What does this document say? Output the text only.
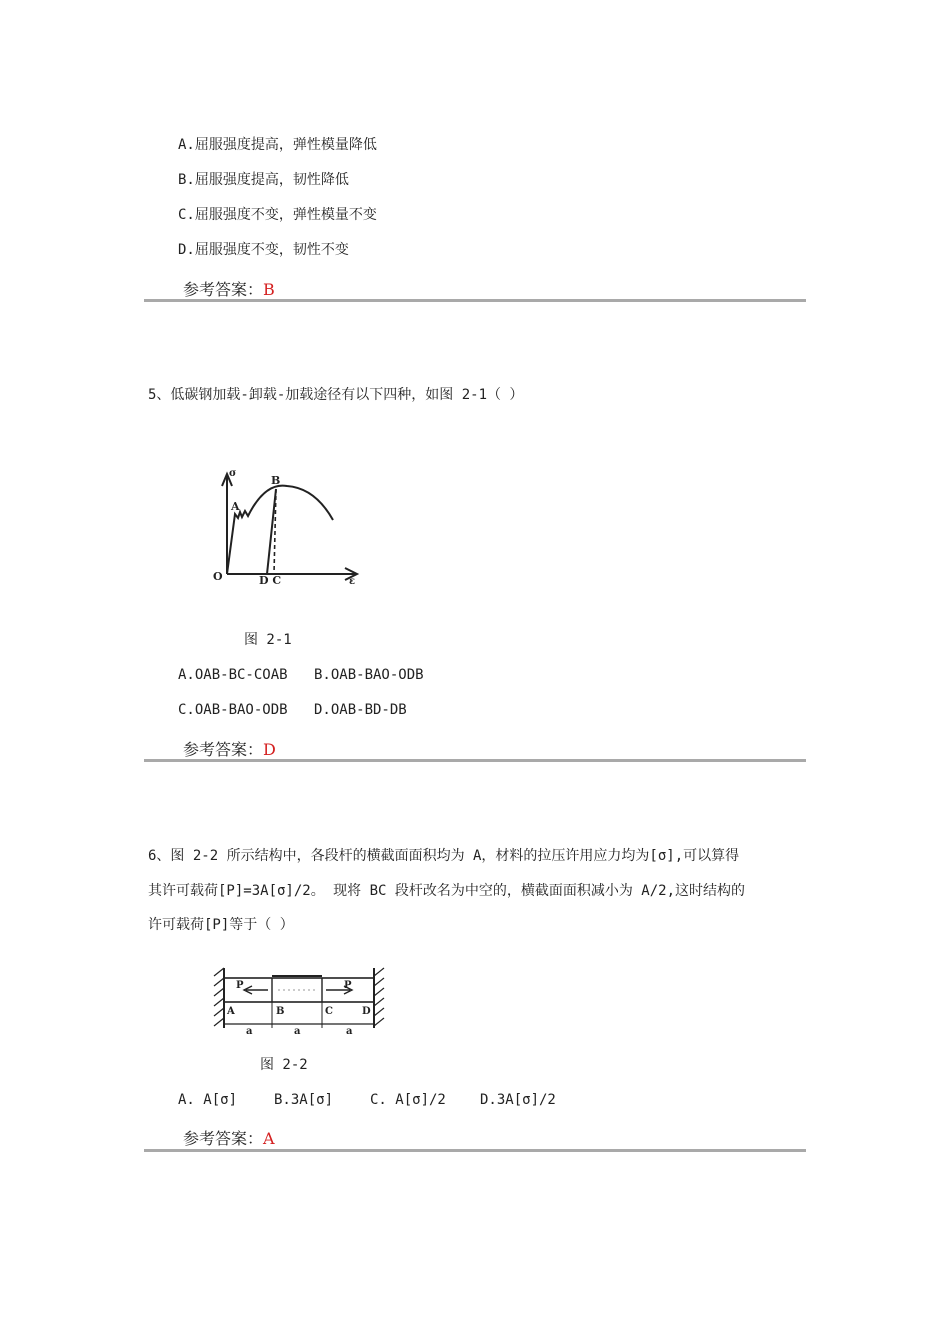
A.屈服强度提高，弹性模量降低
B.屈服强度提高，韧性降低
C.屈服强度不变，弹性模量不变
D.屈服强度不变，韧性不变
参考答案：B
5、低碳钢加载-卸载-加载途径有以下四种，如图 2-1（ ）
σ
A
B
O	D C	ε
图 2-1
A.OAB-BC-COAB B.OAB-BAO-ODB
C.OAB-BAO-ODB D.OAB-BD-DB
参考答案：D
6、图 2-2 所示结构中，各段杆的横截面面积均为 A，材料的拉压许用应力均为[σ],可以算得
其许可载荷[P]=3A[σ]/2。 现将 BC 段杆改名为中空的，横截面面积减小为 A/2,这时结构的
许可载荷[P]等于（ ）
P	P
A	B	C	D
a	a	a
图 2-2
A. A[σ]	B.3A[σ]	C. A[σ]/2 D.3A[σ]/2
参考答案：A
